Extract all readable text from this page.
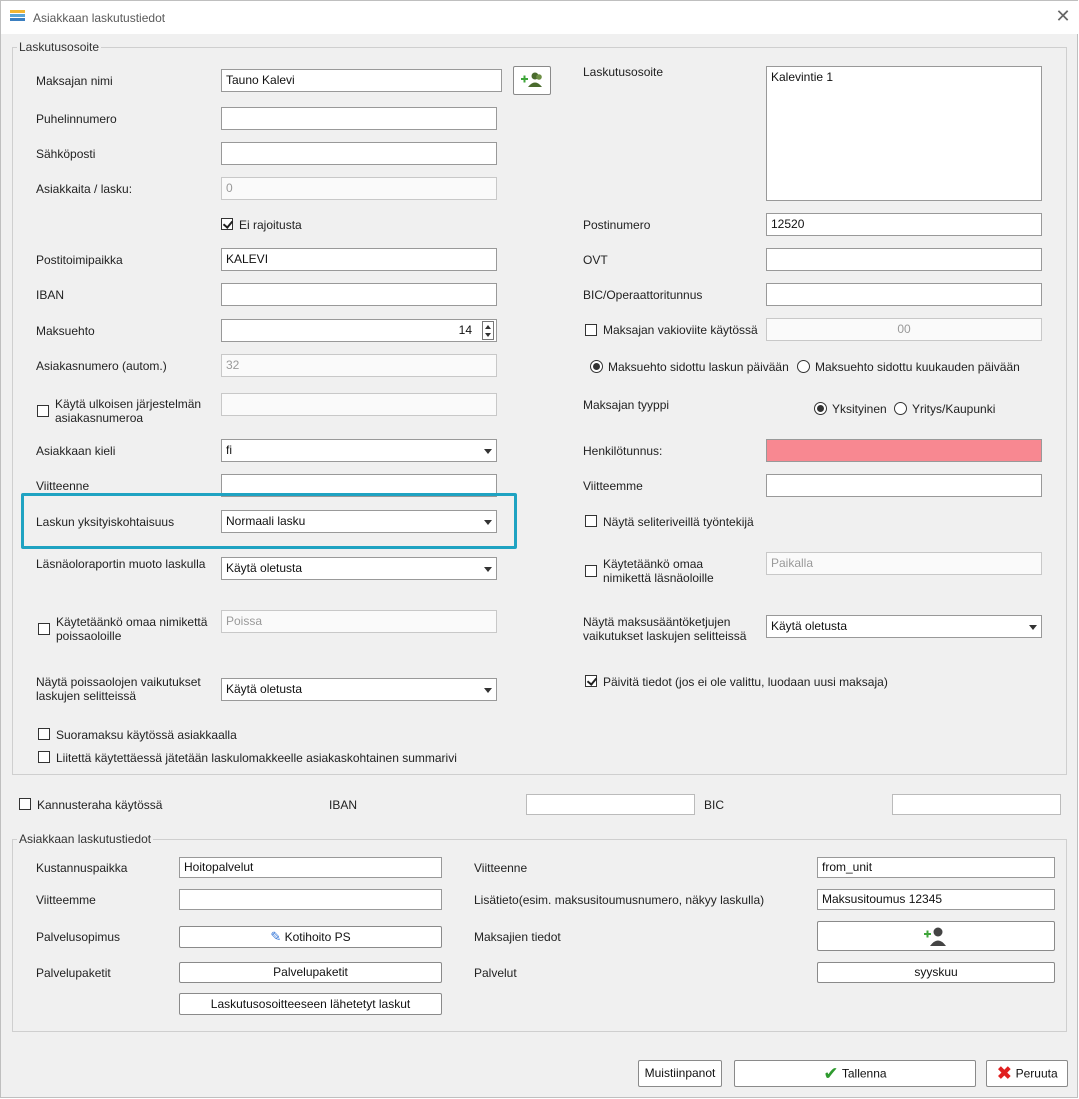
Asiakkaan laskutustiedot	✕
Laskutusosoite
Maksajan nimi	Tauno Kalevi
Puhelinnumero
Sähköposti
Asiakkaita / lasku:	0
Ei rajoitusta
Postitoimipaikka	KALEVI
IBAN
Maksuehto	14
Asiakasnumero (autom.)	32
Käytä ulkoisen järjestelmän asiakasnumeroa
Asiakkaan kieli	fi
Viitteenne
Laskun yksityiskohtaisuus	Normaali lasku
Läsnäoloraportin muoto laskulla	Käytä oletusta
Käytetäänkö omaa nimikettä poissaoloille
Poissa
Näytä poissaolojen vaikutukset laskujen selitteissä	Käytä oletusta
Suoramaksu käytössä asiakkaalla
Liitettä käytettäessä jätetään laskulomakkeelle asiakaskohtainen summarivi
Laskutusosoite	Kalevintie 1
Postinumero	12520
OVT
BIC/Operaattoritunnus
Maksajan vakioviite käytössä	00
Maksuehto sidottu laskun päivään Maksuehto sidottu kuukauden päivään
Maksajan tyyppi	Yksityinen Yritys/Kaupunki
Henkilötunnus:
Viitteemme
Näytä seliteriveillä työntekijä
Käytetäänkö omaa nimikettä läsnäoloille
Paikalla
Näytä maksusääntöketjujen vaikutukset laskujen selitteissä
Käytä oletusta
Päivitä tiedot (jos ei ole valittu, luodaan uusi maksaja)
Kannusteraha käytössä	IBAN	BIC
Asiakkaan laskutustiedot
Kustannuspaikka	Hoitopalvelut
Viitteemme
Palvelusopimus	✎ Kotihoito PS
Palvelupaketit	Palvelupaketit
Laskutusosoitteeseen lähetetyt laskut
Viitteenne	from_unit
Lisätieto(esim. maksusitoumusnumero, näkyy laskulla)	Maksusitoumus 12345
Maksajien tiedot
Palvelut	syyskuu
Muistiinpanot	✔ Tallenna	✖ Peruuta
